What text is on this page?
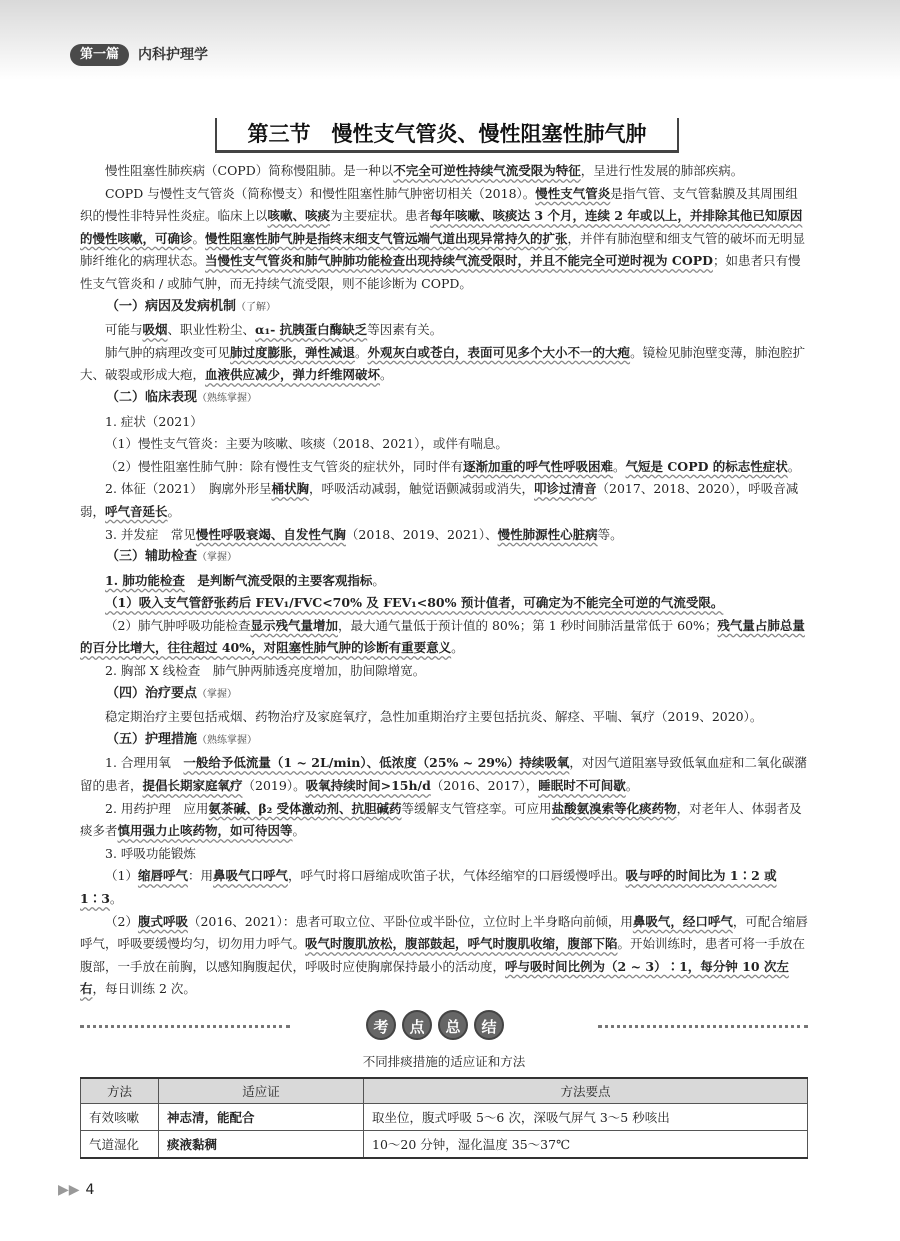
第一篇	内科护理学
第三节　慢性支气管炎、慢性阻塞性肺气肿

慢性阻塞性肺疾病（COPD）简称慢阻肺。是一种以不完全可逆性持续气流受限为特征，呈进行性发展的肺部疾病。

COPD 与慢性支气管炎（简称慢支）和慢性阻塞性肺气肿密切相关（2018）。慢性支气管炎是指气管、支气管黏膜及其周围组织的慢性非特异性炎症。临床上以咳嗽、咳痰为主要症状。患者每年咳嗽、咳痰达 3 个月，连续 2 年或以上，并排除其他已知原因的慢性咳嗽，可确诊。慢性阻塞性肺气肿是指终末细支气管远端气道出现异常持久的扩张，并伴有肺泡壁和细支气管的破坏而无明显肺纤维化的病理状态。当慢性支气管炎和肺气肿肺功能检查出现持续气流受限时，并且不能完全可逆时视为 COPD；如患者只有慢性支气管炎和 / 或肺气肿，而无持续气流受限，则不能诊断为 COPD。

（一）病因及发病机制（了解）

可能与吸烟、职业性粉尘、α₁- 抗胰蛋白酶缺乏等因素有关。

肺气肿的病理改变可见肺过度膨胀，弹性减退。外观灰白或苍白，表面可见多个大小不一的大疱。镜检见肺泡壁变薄，肺泡腔扩大、破裂或形成大疱，血液供应减少，弹力纤维网破坏。

（二）临床表现（熟练掌握）

1. 症状（2021）

（1）慢性支气管炎：主要为咳嗽、咳痰（2018、2021），或伴有喘息。

（2）慢性阻塞性肺气肿：除有慢性支气管炎的症状外，同时伴有逐渐加重的呼气性呼吸困难。气短是 COPD 的标志性症状。

2. 体征（2021）　胸廓外形呈桶状胸，呼吸活动减弱，触觉语颤减弱或消失，叩诊过清音（2017、2018、2020），呼吸音减弱，呼气音延长。

3. 并发症　常见慢性呼吸衰竭、自发性气胸（2018、2019、2021）、慢性肺源性心脏病等。

（三）辅助检查（掌握）

1. 肺功能检查　是判断气流受限的主要客观指标。

（1）吸入支气管舒张药后 FEV₁/FVC<70% 及 FEV₁<80% 预计值者，可确定为不能完全可逆的气流受限。

（2）肺气肿呼吸功能检查显示残气量增加，最大通气量低于预计值的 80%；第 1 秒时间肺活量常低于 60%；残气量占肺总量的百分比增大，往往超过 40%，对阻塞性肺气肿的诊断有重要意义。

2. 胸部 X 线检查　肺气肿两肺透亮度增加，肋间隙增宽。

（四）治疗要点（掌握）

稳定期治疗主要包括戒烟、药物治疗及家庭氧疗，急性加重期治疗主要包括抗炎、解痉、平喘、氧疗（2019、2020）。

（五）护理措施（熟练掌握）

1. 合理用氧　一般给予低流量（1 ~ 2L/min）、低浓度（25% ~ 29%）持续吸氧，对因气道阻塞导致低氧血症和二氧化碳潴留的患者，提倡长期家庭氧疗（2019）。吸氧持续时间>15h/d（2016、2017），睡眠时不可间歇。

2. 用药护理　应用氨茶碱、β₂ 受体激动剂、抗胆碱药等缓解支气管痉挛。可应用盐酸氨溴索等化痰药物，对老年人、体弱者及痰多者慎用强力止咳药物，如可待因等。

3. 呼吸功能锻炼

（1）缩唇呼气：用鼻吸气口呼气，呼气时将口唇缩成吹笛子状，气体经缩窄的口唇缓慢呼出。吸与呼的时间比为 1∶2 或 1∶3。

（2）腹式呼吸（2016、2021）：患者可取立位、平卧位或半卧位，立位时上半身略向前倾，用鼻吸气，经口呼气，可配合缩唇呼气，呼吸要缓慢均匀，切勿用力呼气。吸气时腹肌放松，腹部鼓起，呼气时腹肌收缩，腹部下陷。开始训练时，患者可将一手放在腹部，一手放在前胸，以感知胸腹起伏，呼吸时应使胸廓保持最小的活动度，呼与吸时间比例为（2 ~ 3）∶1，每分钟 10 次左右，每日训练 2 次。

考	点	总	结
不同排痰措施的适应证和方法
方法	适应证	方法要点
有效咳嗽	神志清，能配合	取坐位，腹式呼吸 5～6 次，深吸气屏气 3～5 秒咳出
气道湿化	痰液黏稠	10～20 分钟，湿化温度 35～37℃
▶▶ 4
